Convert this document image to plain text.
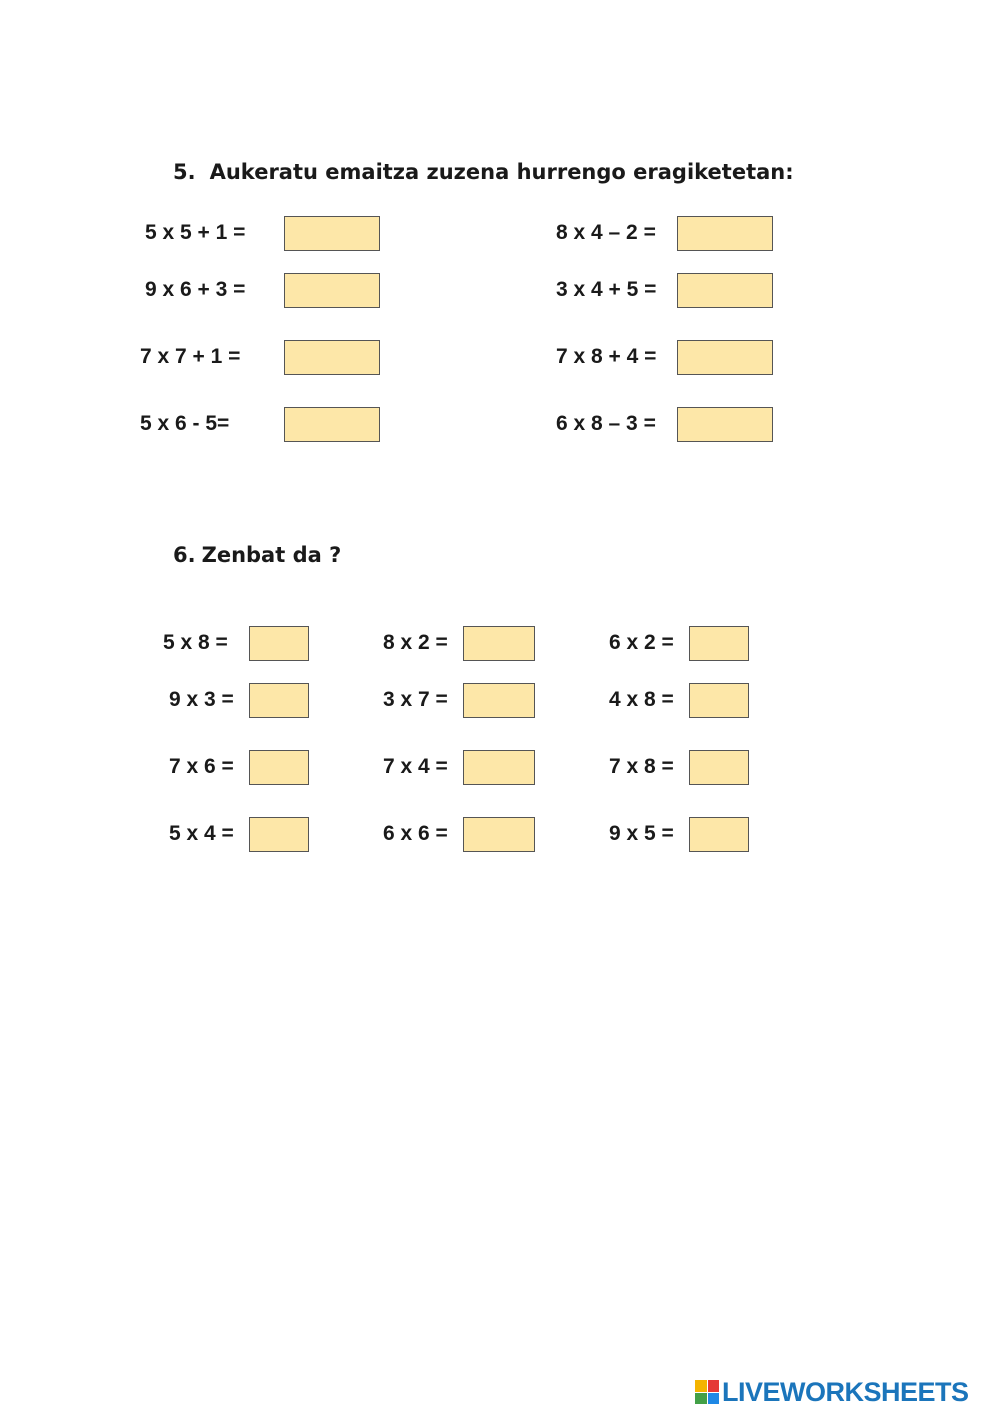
5. Aukeratu emaitza zuzena hurrengo eragiketetan:
5 x 5 + 1 =
9 x 6 + 3 =
7 x 7 + 1 =
5 x 6 - 5=
8 x 4 – 2 =
3 x 4 + 5 =
7 x 8 + 4 =
6 x 8 – 3 =
6. Zenbat da ?
5 x 8 =
9 x 3 =
7 x 6 =
5 x 4 =
8 x 2 =
3 x 7 =
7 x 4 =
6 x 6 =
6 x 2 =
4 x 8 =
7 x 8 =
9 x 5 =
LIVEWORKSHEETS
